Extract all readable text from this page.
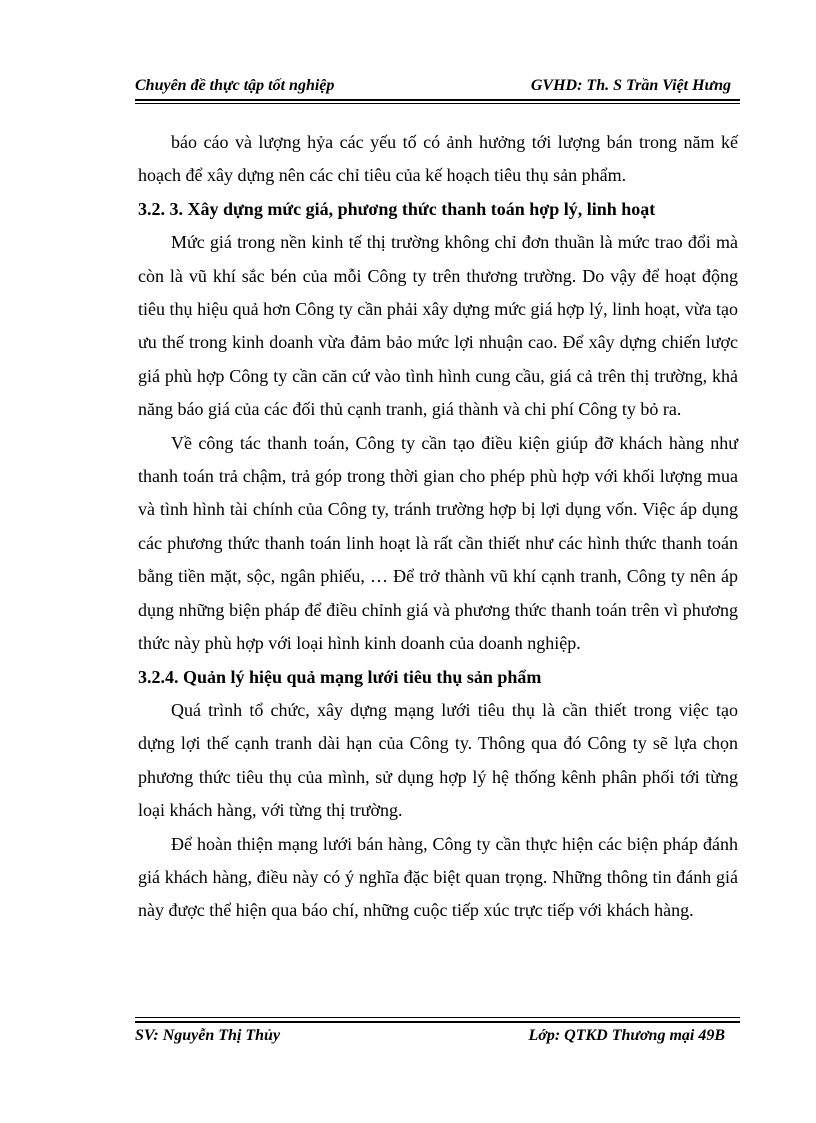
Chuyên đề thực tập tốt nghiệp	GVHD: Th. S Trần Việt Hưng

báo cáo và lượng hỷa các yếu tố có ảnh hưởng tới lượng bán trong năm kế hoạch để xây dựng nên các chỉ tiêu của kế hoạch tiêu thụ sản phẩm.

3.2. 3. Xây dựng mức giá, phương thức thanh toán hợp lý, linh hoạt

Mức giá trong nền kinh tế thị trường không chỉ đơn thuần là mức trao đổi mà còn là vũ khí sắc bén của mỗi Công ty trên thương trường. Do vậy để hoạt động tiêu thụ hiệu quả hơn Công ty cần phải xây dựng mức giá hợp lý, linh hoạt, vừa tạo ưu thế trong kinh doanh vừa đảm bảo mức lợi nhuận cao. Để xây dựng chiến lược giá phù hợp Công ty cần căn cứ vào tình hình cung cầu, giá cả trên thị trường, khả năng báo giá của các đối thủ cạnh tranh, giá thành và chi phí Công ty bỏ ra.

Về công tác thanh toán, Công ty cần tạo điều kiện giúp đỡ khách hàng như thanh toán trả chậm, trả góp trong thời gian cho phép phù hợp với khối lượng mua và tình hình tài chính của Công ty, tránh trường hợp bị lợi dụng vốn. Việc áp dụng các phương thức thanh toán linh hoạt là rất cần thiết như các hình thức thanh toán bằng tiền mặt, sộc, ngân phiếu, … Để trở thành vũ khí cạnh tranh, Công ty nên áp dụng những biện pháp để điều chỉnh giá và phương thức thanh toán trên vì phương thức này phù hợp với loại hình kinh doanh của doanh nghiệp.

3.2.4. Quản lý hiệu quả mạng lưới tiêu thụ sản phẩm

Quá trình tổ chức, xây dựng mạng lưới tiêu thụ là cần thiết trong việc tạo dựng lợi thế cạnh tranh dài hạn của Công ty. Thông qua đó Công ty sẽ lựa chọn phương thức tiêu thụ của mình, sử dụng hợp lý hệ thống kênh phân phối tới từng loại khách hàng, với từng thị trường.

Để hoàn thiện mạng lưới bán hàng, Công ty cần thực hiện các biện pháp đánh giá khách hàng, điều này có ý nghĩa đặc biệt quan trọng. Những thông tin đánh giá này được thể hiện qua báo chí, những cuộc tiếp xúc trực tiếp với khách hàng.

SV: Nguyễn Thị Thủy	Lớp: QTKD Thương mại 49B
